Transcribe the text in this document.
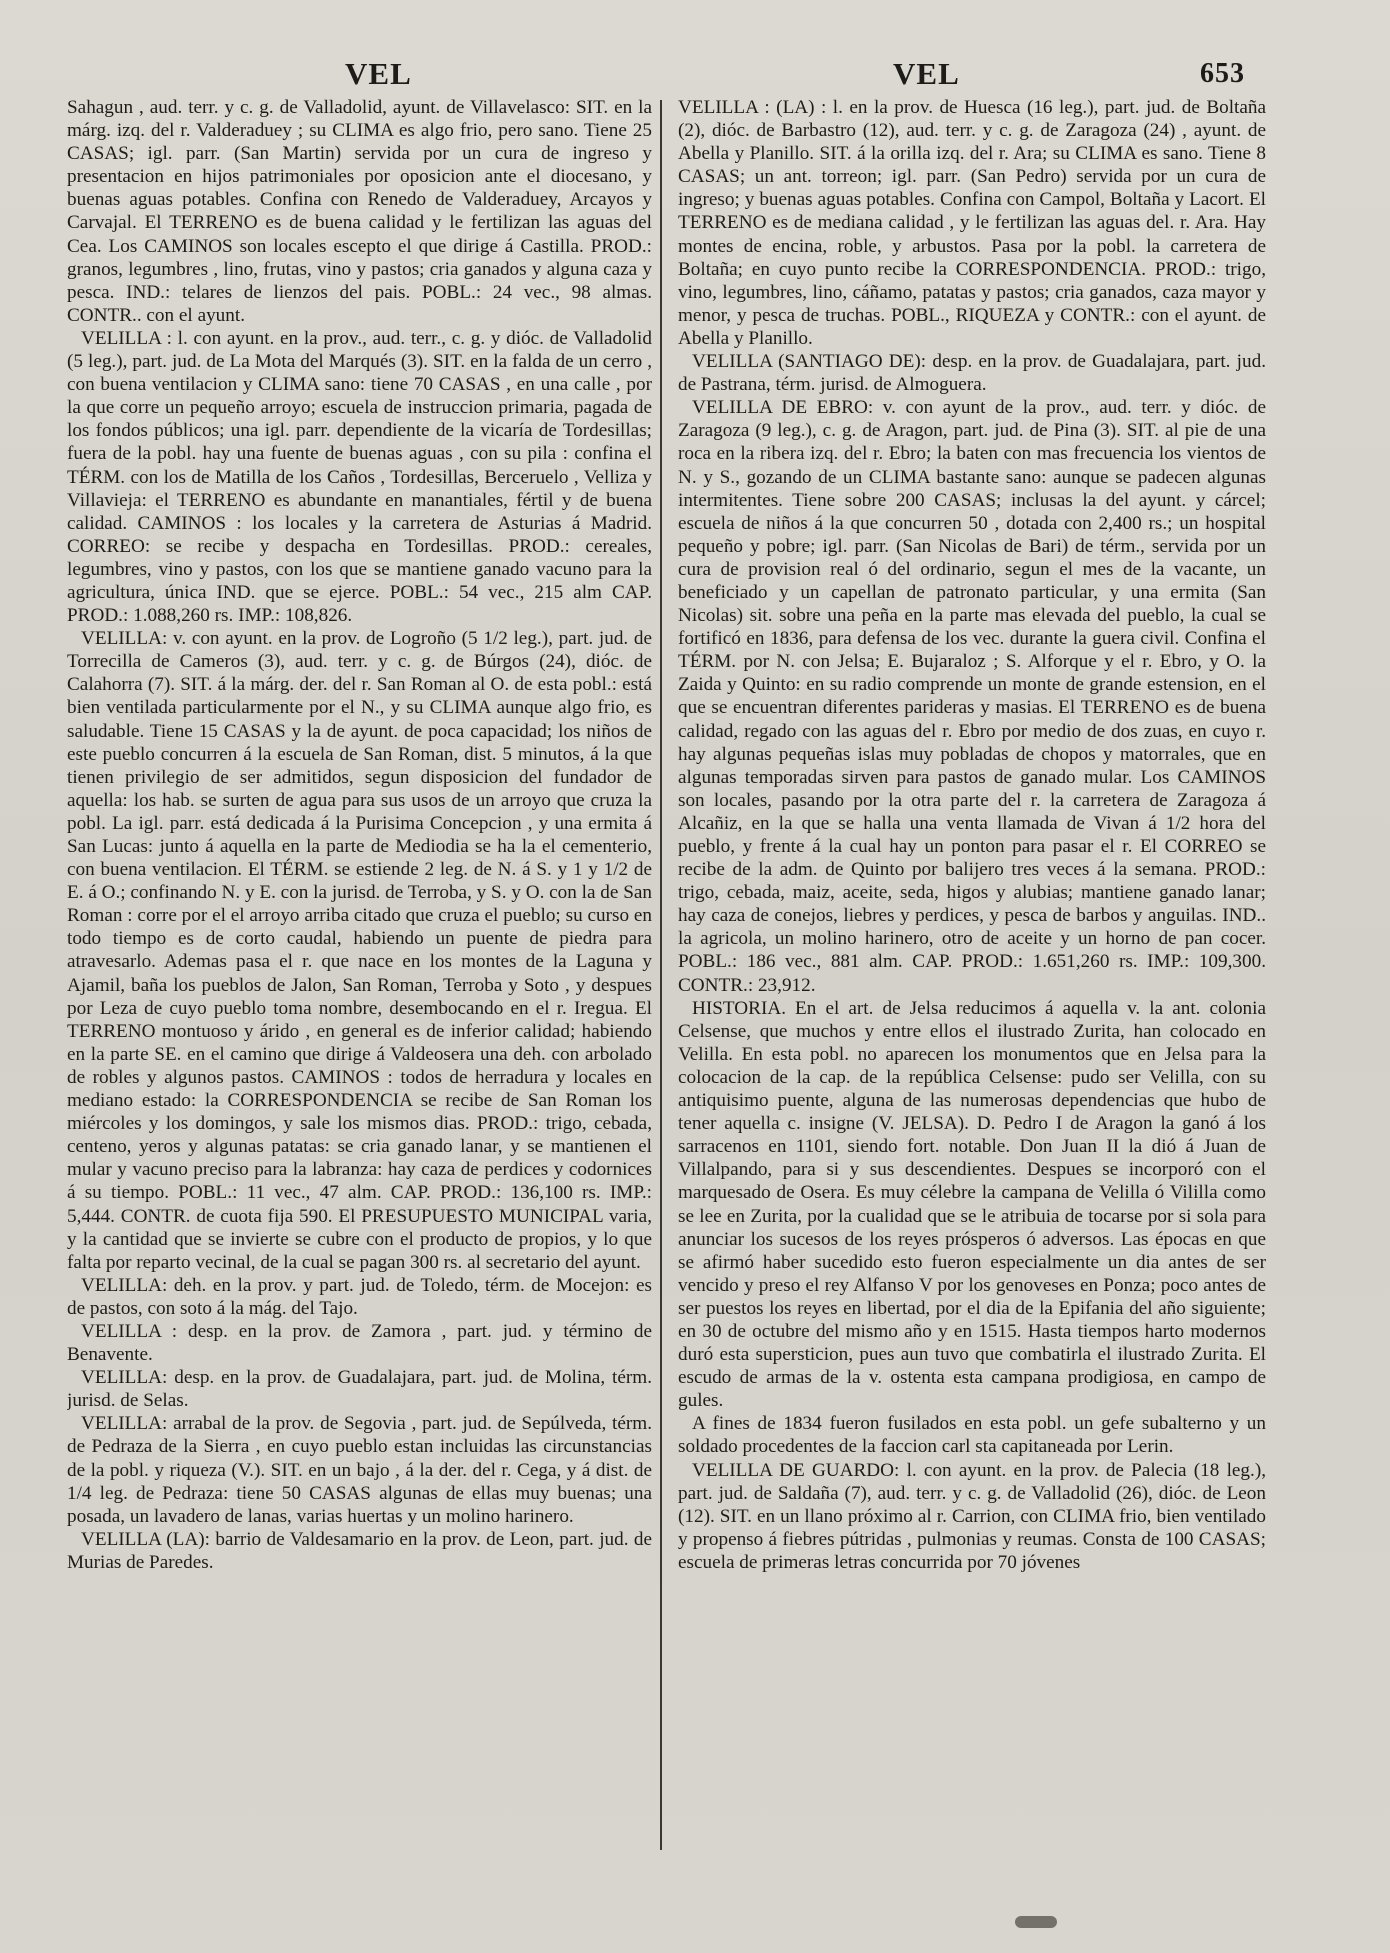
VEL	VEL	653

Sahagun , aud. terr. y c. g. de Valladolid, ayunt. de Villavelasco: SIT. en la márg. izq. del r. Valderaduey ; su CLIMA es algo frio, pero sano. Tiene 25 CASAS; igl. parr. (San Martin) servida por un cura de ingreso y presentacion en hijos patrimoniales por oposicion ante el diocesano, y buenas aguas potables. Confina con Renedo de Valderaduey, Arcayos y Carvajal. El TERRENO es de buena calidad y le fertilizan las aguas del Cea. Los CAMINOS son locales escepto el que dirige á Castilla. PROD.: granos, legumbres , lino, frutas, vino y pastos; cria ganados y alguna caza y pesca. IND.: telares de lienzos del pais. POBL.: 24 vec., 98 almas. CONTR.. con el ayunt.

VELILLA : l. con ayunt. en la prov., aud. terr., c. g. y dióc. de Valladolid (5 leg.), part. jud. de La Mota del Marqués (3). SIT. en la falda de un cerro , con buena ventilacion y CLIMA sano: tiene 70 CASAS , en una calle , por la que corre un pequeño arroyo; escuela de instruccion primaria, pagada de los fondos públicos; una igl. parr. dependiente de la vicaría de Tordesillas; fuera de la pobl. hay una fuente de buenas aguas , con su pila : confina el TÉRM. con los de Matilla de los Caños , Tordesillas, Berceruelo , Velliza y Villavieja: el TERRENO es abundante en manantiales, fértil y de buena calidad. CAMINOS : los locales y la carretera de Asturias á Madrid. CORREO: se recibe y despacha en Tordesillas. PROD.: cereales, legumbres, vino y pastos, con los que se mantiene ganado vacuno para la agricultura, única IND. que se ejerce. POBL.: 54 vec., 215 alm CAP. PROD.: 1.088,260 rs. IMP.: 108,826.

VELILLA: v. con ayunt. en la prov. de Logroño (5 1/2 leg.), part. jud. de Torrecilla de Cameros (3), aud. terr. y c. g. de Búrgos (24), dióc. de Calahorra (7). SIT. á la márg. der. del r. San Roman al O. de esta pobl.: está bien ventilada particularmente por el N., y su CLIMA aunque algo frio, es saludable. Tiene 15 CASAS y la de ayunt. de poca capacidad; los niños de este pueblo concurren á la escuela de San Roman, dist. 5 minutos, á la que tienen privilegio de ser admitidos, segun disposicion del fundador de aquella: los hab. se surten de agua para sus usos de un arroyo que cruza la pobl. La igl. parr. está dedicada á la Purisima Concepcion , y una ermita á San Lucas: junto á aquella en la parte de Mediodia se ha la el cementerio, con buena ventilacion. El TÉRM. se estiende 2 leg. de N. á S. y 1 y 1/2 de E. á O.; confinando N. y E. con la jurisd. de Terroba, y S. y O. con la de San Roman : corre por el el arroyo arriba citado que cruza el pueblo; su curso en todo tiempo es de corto caudal, habiendo un puente de piedra para atravesarlo. Ademas pasa el r. que nace en los montes de la Laguna y Ajamil, baña los pueblos de Jalon, San Roman, Terroba y Soto , y despues por Leza de cuyo pueblo toma nombre, desembocando en el r. Iregua. El TERRENO montuoso y árido , en general es de inferior calidad; habiendo en la parte SE. en el camino que dirige á Valdeosera una deh. con arbolado de robles y algunos pastos. CAMINOS : todos de herradura y locales en mediano estado: la CORRESPONDENCIA se recibe de San Roman los miércoles y los domingos, y sale los mismos dias. PROD.: trigo, cebada, centeno, yeros y algunas patatas: se cria ganado lanar, y se mantienen el mular y vacuno preciso para la labranza: hay caza de perdices y codornices á su tiempo. POBL.: 11 vec., 47 alm. CAP. PROD.: 136,100 rs. IMP.: 5,444. CONTR. de cuota fija 590. El PRESUPUESTO MUNICIPAL varia, y la cantidad que se invierte se cubre con el producto de propios, y lo que falta por reparto vecinal, de la cual se pagan 300 rs. al secretario del ayunt.

VELILLA: deh. en la prov. y part. jud. de Toledo, térm. de Mocejon: es de pastos, con soto á la mág. del Tajo.

VELILLA : desp. en la prov. de Zamora , part. jud. y término de Benavente.

VELILLA: desp. en la prov. de Guadalajara, part. jud. de Molina, térm. jurisd. de Selas.

VELILLA: arrabal de la prov. de Segovia , part. jud. de Sepúlveda, térm. de Pedraza de la Sierra , en cuyo pueblo estan incluidas las circunstancias de la pobl. y riqueza (V.). SIT. en un bajo , á la der. del r. Cega, y á dist. de 1/4 leg. de Pedraza: tiene 50 CASAS algunas de ellas muy buenas; una posada, un lavadero de lanas, varias huertas y un molino harinero.

VELILLA (LA): barrio de Valdesamario en la prov. de Leon, part. jud. de Murias de Paredes.

VELILLA : (LA) : l. en la prov. de Huesca (16 leg.), part. jud. de Boltaña (2), dióc. de Barbastro (12), aud. terr. y c. g. de Zaragoza (24) , ayunt. de Abella y Planillo. SIT. á la orilla izq. del r. Ara; su CLIMA es sano. Tiene 8 CASAS; un ant. torreon; igl. parr. (San Pedro) servida por un cura de ingreso; y buenas aguas potables. Confina con Campol, Boltaña y Lacort. El TERRENO es de mediana calidad , y le fertilizan las aguas del. r. Ara. Hay montes de encina, roble, y arbustos. Pasa por la pobl. la carretera de Boltaña; en cuyo punto recibe la CORRESPONDENCIA. PROD.: trigo, vino, legumbres, lino, cáñamo, patatas y pastos; cria ganados, caza mayor y menor, y pesca de truchas. POBL., RIQUEZA y CONTR.: con el ayunt. de Abella y Planillo.

VELILLA (SANTIAGO DE): desp. en la prov. de Guadalajara, part. jud. de Pastrana, térm. jurisd. de Almoguera.

VELILLA DE EBRO: v. con ayunt de la prov., aud. terr. y dióc. de Zaragoza (9 leg.), c. g. de Aragon, part. jud. de Pina (3). SIT. al pie de una roca en la ribera izq. del r. Ebro; la baten con mas frecuencia los vientos de N. y S., gozando de un CLIMA bastante sano: aunque se padecen algunas intermitentes. Tiene sobre 200 CASAS; inclusas la del ayunt. y cárcel; escuela de niños á la que concurren 50 , dotada con 2,400 rs.; un hospital pequeño y pobre; igl. parr. (San Nicolas de Bari) de térm., servida por un cura de provision real ó del ordinario, segun el mes de la vacante, un beneficiado y un capellan de patronato particular, y una ermita (San Nicolas) sit. sobre una peña en la parte mas elevada del pueblo, la cual se fortificó en 1836, para defensa de los vec. durante la guera civil. Confina el TÉRM. por N. con Jelsa; E. Bujaraloz ; S. Alforque y el r. Ebro, y O. la Zaida y Quinto: en su radio comprende un monte de grande estension, en el que se encuentran diferentes parideras y masias. El TERRENO es de buena calidad, regado con las aguas del r. Ebro por medio de dos zuas, en cuyo r. hay algunas pequeñas islas muy pobladas de chopos y matorrales, que en algunas temporadas sirven para pastos de ganado mular. Los CAMINOS son locales, pasando por la otra parte del r. la carretera de Zaragoza á Alcañiz, en la que se halla una venta llamada de Vivan á 1/2 hora del pueblo, y frente á la cual hay un ponton para pasar el r. El CORREO se recibe de la adm. de Quinto por balijero tres veces á la semana. PROD.: trigo, cebada, maiz, aceite, seda, higos y alubias; mantiene ganado lanar; hay caza de conejos, liebres y perdices, y pesca de barbos y anguilas. IND.. la agricola, un molino harinero, otro de aceite y un horno de pan cocer. POBL.: 186 vec., 881 alm. CAP. PROD.: 1.651,260 rs. IMP.: 109,300. CONTR.: 23,912.

HISTORIA. En el art. de Jelsa reducimos á aquella v. la ant. colonia Celsense, que muchos y entre ellos el ilustrado Zurita, han colocado en Velilla. En esta pobl. no aparecen los monumentos que en Jelsa para la colocacion de la cap. de la república Celsense: pudo ser Velilla, con su antiquisimo puente, alguna de las numerosas dependencias que hubo de tener aquella c. insigne (V. JELSA). D. Pedro I de Aragon la ganó á los sarracenos en 1101, siendo fort. notable. Don Juan II la dió á Juan de Villalpando, para si y sus descendientes. Despues se incorporó con el marquesado de Osera. Es muy célebre la campana de Velilla ó Vililla como se lee en Zurita, por la cualidad que se le atribuia de tocarse por si sola para anunciar los sucesos de los reyes prósperos ó adversos. Las épocas en que se afirmó haber sucedido esto fueron especialmente un dia antes de ser vencido y preso el rey Alfanso V por los genoveses en Ponza; poco antes de ser puestos los reyes en libertad, por el dia de la Epifania del año siguiente; en 30 de octubre del mismo año y en 1515. Hasta tiempos harto modernos duró esta supersticion, pues aun tuvo que combatirla el ilustrado Zurita. El escudo de armas de la v. ostenta esta campana prodigiosa, en campo de gules.

A fines de 1834 fueron fusilados en esta pobl. un gefe subalterno y un soldado procedentes de la faccion carl sta capitaneada por Lerin.

VELILLA DE GUARDO: l. con ayunt. en la prov. de Palecia (18 leg.), part. jud. de Saldaña (7), aud. terr. y c. g. de Valladolid (26), dióc. de Leon (12). SIT. en un llano próximo al r. Carrion, con CLIMA frio, bien ventilado y propenso á fiebres pútridas , pulmonias y reumas. Consta de 100 CASAS; escuela de primeras letras concurrida por 70 jóvenes
